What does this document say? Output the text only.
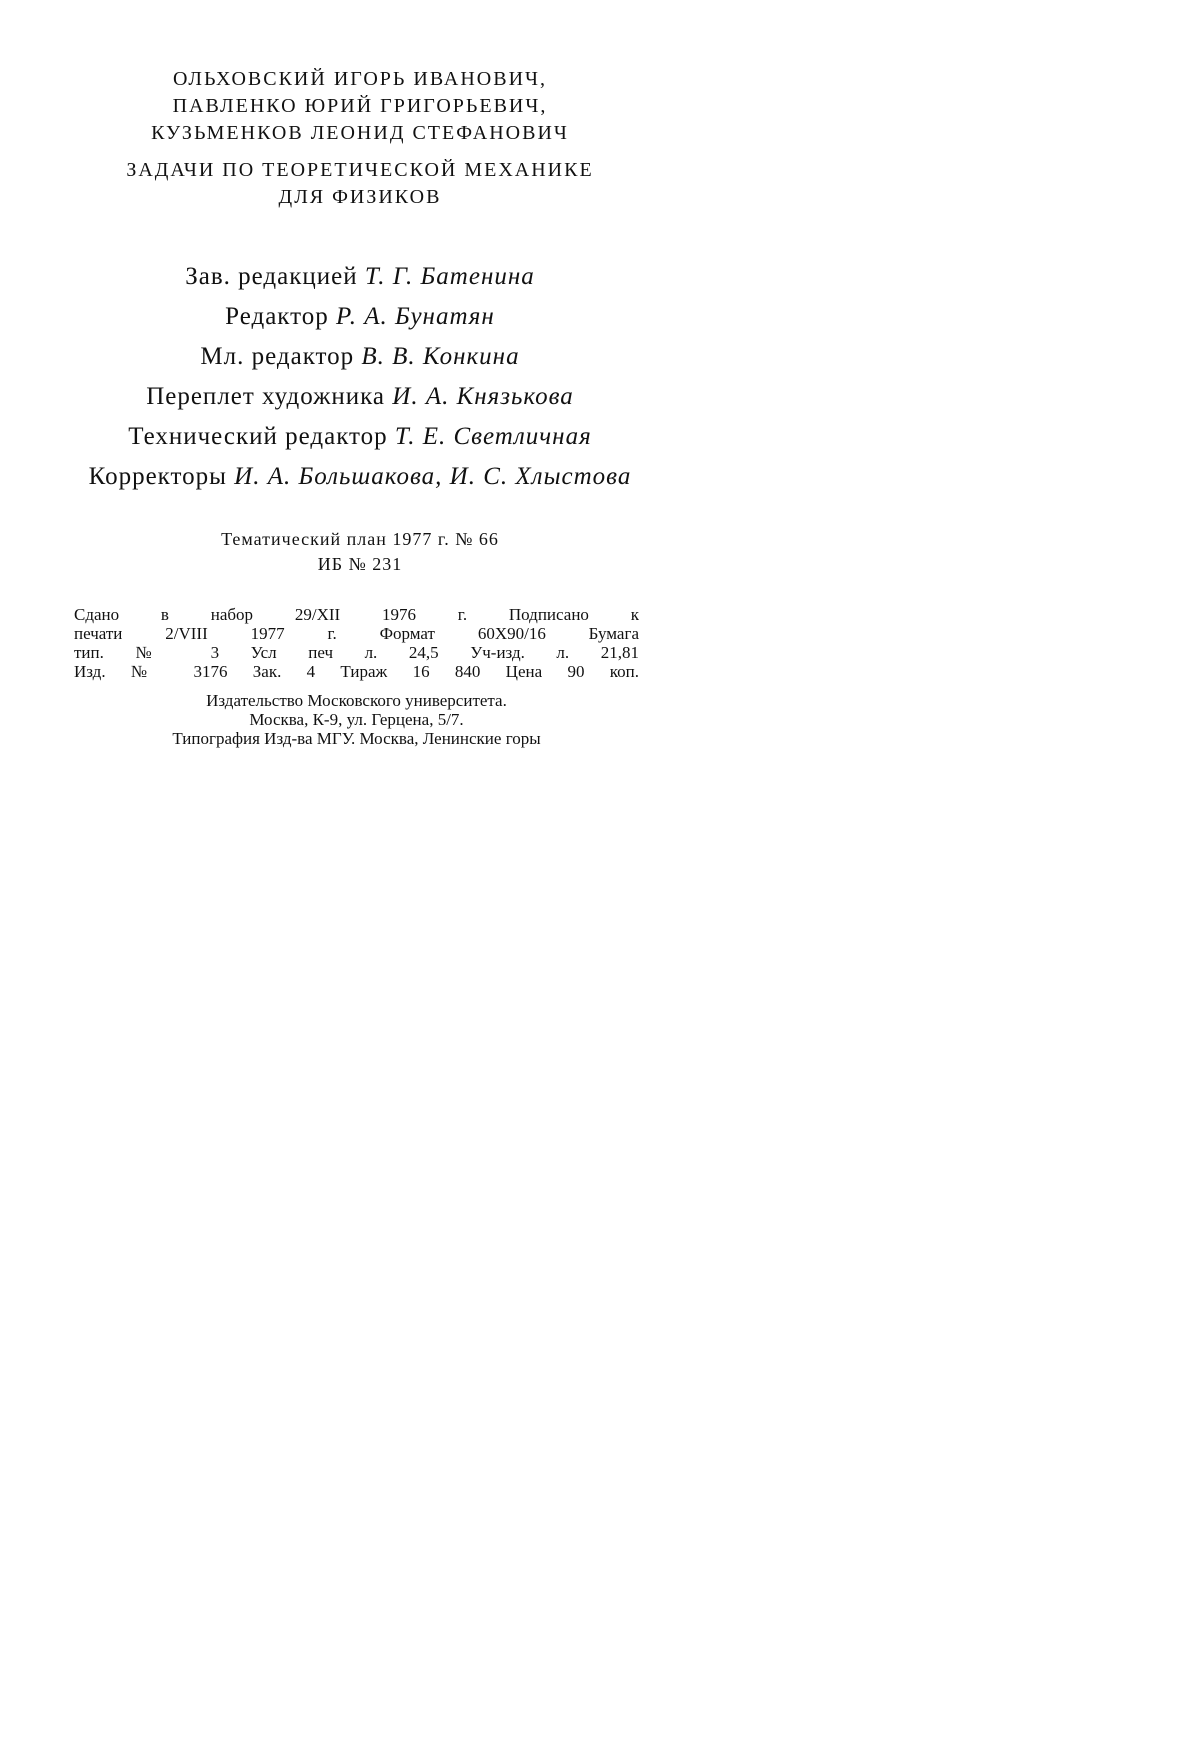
ОЛЬХОВСКИЙ ИГОРЬ ИВАНОВИЧ,
ПАВЛЕНКО ЮРИЙ ГРИГОРЬЕВИЧ,
КУЗЬМЕНКОВ ЛЕОНИД СТЕФАНОВИЧ
ЗАДАЧИ ПО ТЕОРЕТИЧЕСКОЙ МЕХАНИКЕ
ДЛЯ ФИЗИКОВ
Зав. редакцией Т. Г. Батенина
Редактор Р. А. Бунатян
Мл. редактор В. В. Конкина
Переплет художника И. А. Князькова
Технический редактор Т. Е. Светличная
Корректоры И. А. Большакова, И. С. Хлыстова
Тематический план 1977 г. № 66
ИБ № 231
Сдано в набор 29/XII 1976 г. Подписано к
печати 2/VIII 1977 г. Формат 60Х90/16 Бумага
тип. № 3 Усл печ л. 24,5 Уч-изд. л. 21,81
Изд. № 3176 Зак. 4 Тираж 16 840 Цена 90 коп.
Издательство Московского университета.
Москва, К-9, ул. Герцена, 5/7.
Типография Изд-ва МГУ. Москва, Ленинские горы
